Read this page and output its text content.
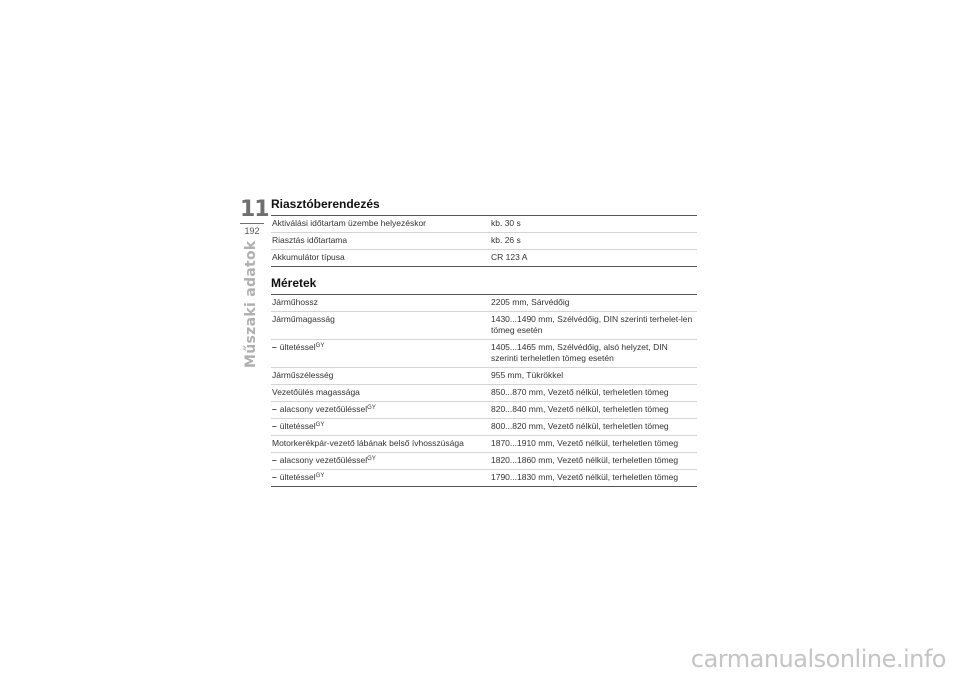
11
192
Műszaki adatok
Riasztóberendezés
Aktiválási időtartam üzembe helyezéskor	kb. 30 s
Riasztás időtartama	kb. 26 s
Akkumulátor típusa	CR 123 A
Méretek
Járműhossz	2205 mm, Sárvédőig
Járműmagasság	1430...1490 mm, Szélvédőig, DIN szerinti terhelet-len tömeg esetén
– ültetéssel$^{GY}$	1405...1465 mm, Szélvédőig, alsó helyzet, DIN szerinti terheletlen tömeg esetén
Járműszélesség	955 mm, Tükrökkel
Vezetőülés magassága	850...870 mm, Vezető nélkül, terheletlen tömeg
– alacsony vezetőüléssel$^{GY}$	820...840 mm, Vezető nélkül, terheletlen tömeg
– ültetéssel$^{GY}$	800...820 mm, Vezető nélkül, terheletlen tömeg
Motorkerékpár-vezető lábának belső ívhosszúsága	1870...1910 mm, Vezető nélkül, terheletlen tömeg
– alacsony vezetőüléssel$^{GY}$	1820...1860 mm, Vezető nélkül, terheletlen tömeg
– ültetéssel$^{GY}$	1790...1830 mm, Vezető nélkül, terheletlen tömeg
carmanualsonline.info
